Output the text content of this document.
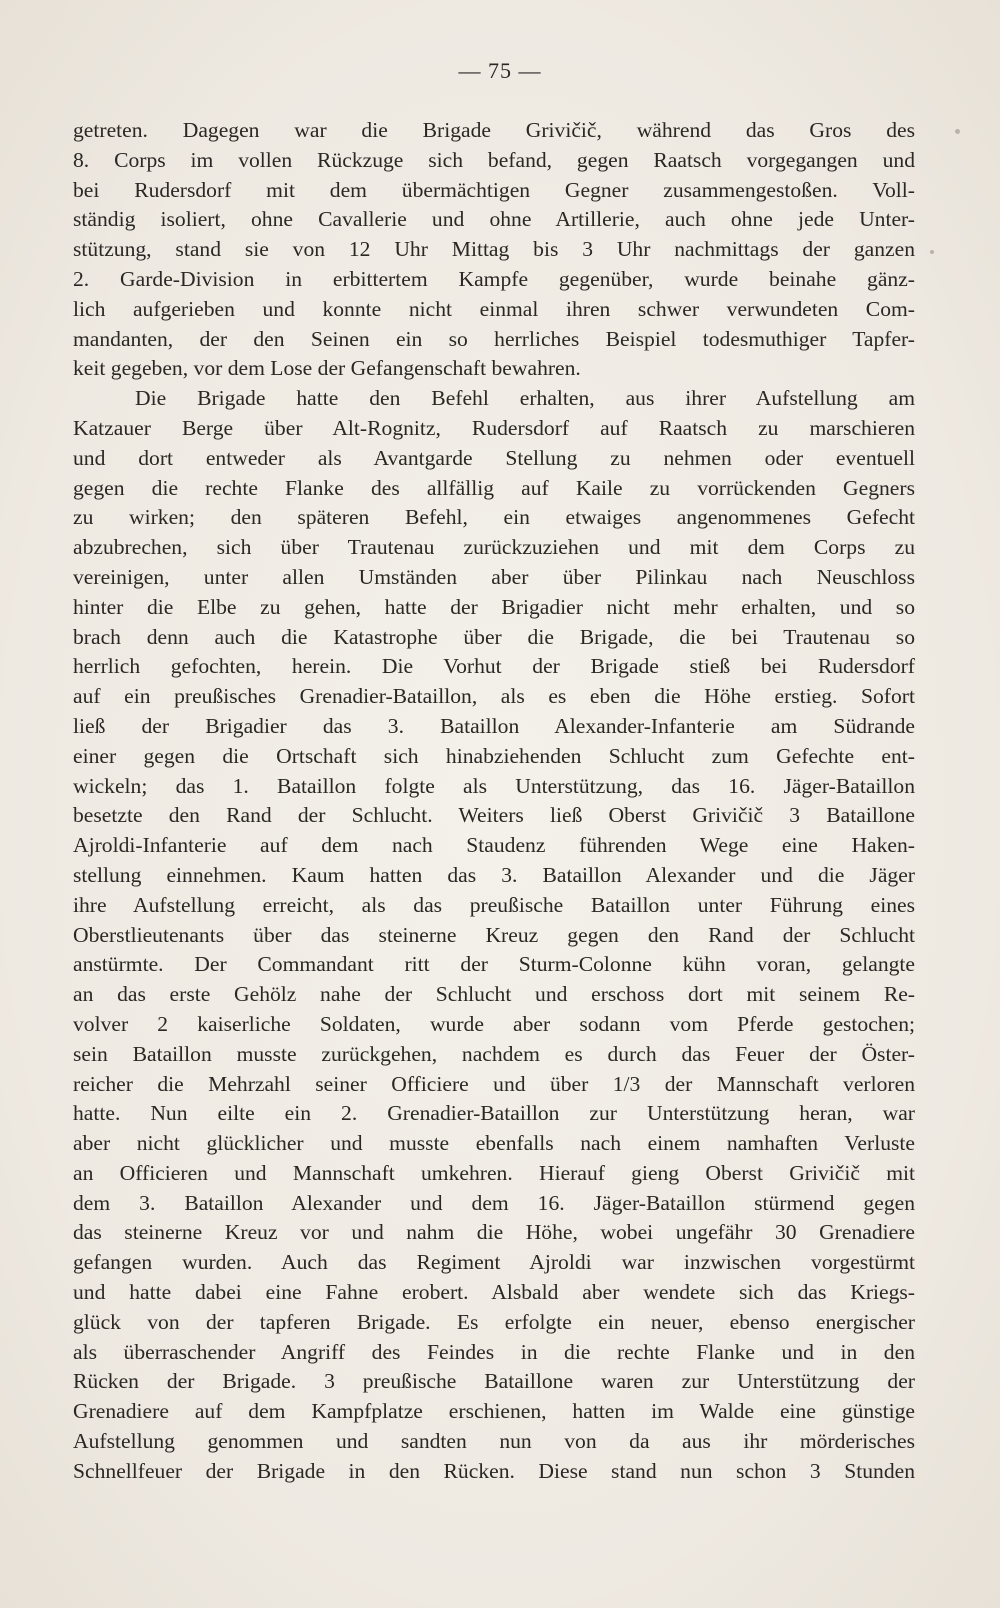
— 75 —
getreten. Dagegen war die Brigade Grivičič, während das Gros des
8. Corps im vollen Rückzuge sich befand, gegen Raatsch vorgegangen und
bei Rudersdorf mit dem übermächtigen Gegner zusammengestoßen. Voll-
ständig isoliert, ohne Cavallerie und ohne Artillerie, auch ohne jede Unter-
stützung, stand sie von 12 Uhr Mittag bis 3 Uhr nachmittags der ganzen
2. Garde-Division in erbittertem Kampfe gegenüber, wurde beinahe gänz-
lich aufgerieben und konnte nicht einmal ihren schwer verwundeten Com-
mandanten, der den Seinen ein so herrliches Beispiel todesmuthiger Tapfer-
keit gegeben, vor dem Lose der Gefangenschaft bewahren.
Die Brigade hatte den Befehl erhalten, aus ihrer Aufstellung am
Katzauer Berge über Alt-Rognitz, Rudersdorf auf Raatsch zu marschieren
und dort entweder als Avantgarde Stellung zu nehmen oder eventuell
gegen die rechte Flanke des allfällig auf Kaile zu vorrückenden Gegners
zu wirken; den späteren Befehl, ein etwaiges angenommenes Gefecht
abzubrechen, sich über Trautenau zurückzuziehen und mit dem Corps zu
vereinigen, unter allen Umständen aber über Pilinkau nach Neuschloss
hinter die Elbe zu gehen, hatte der Brigadier nicht mehr erhalten, und so
brach denn auch die Katastrophe über die Brigade, die bei Trautenau so
herrlich gefochten, herein. Die Vorhut der Brigade stieß bei Rudersdorf
auf ein preußisches Grenadier-Bataillon, als es eben die Höhe erstieg. Sofort
ließ der Brigadier das 3. Bataillon Alexander-Infanterie am Südrande
einer gegen die Ortschaft sich hinabziehenden Schlucht zum Gefechte ent-
wickeln; das 1. Bataillon folgte als Unterstützung, das 16. Jäger-Bataillon
besetzte den Rand der Schlucht. Weiters ließ Oberst Grivičič 3 Bataillone
Ajroldi-Infanterie auf dem nach Staudenz führenden Wege eine Haken-
stellung einnehmen. Kaum hatten das 3. Bataillon Alexander und die Jäger
ihre Aufstellung erreicht, als das preußische Bataillon unter Führung eines
Oberstlieutenants über das steinerne Kreuz gegen den Rand der Schlucht
anstürmte. Der Commandant ritt der Sturm-Colonne kühn voran, gelangte
an das erste Gehölz nahe der Schlucht und erschoss dort mit seinem Re-
volver 2 kaiserliche Soldaten, wurde aber sodann vom Pferde gestochen;
sein Bataillon musste zurückgehen, nachdem es durch das Feuer der Öster-
reicher die Mehrzahl seiner Officiere und über 1/3 der Mannschaft verloren
hatte. Nun eilte ein 2. Grenadier-Bataillon zur Unterstützung heran, war
aber nicht glücklicher und musste ebenfalls nach einem namhaften Verluste
an Officieren und Mannschaft umkehren. Hierauf gieng Oberst Grivičič mit
dem 3. Bataillon Alexander und dem 16. Jäger-Bataillon stürmend gegen
das steinerne Kreuz vor und nahm die Höhe, wobei ungefähr 30 Grenadiere
gefangen wurden. Auch das Regiment Ajroldi war inzwischen vorgestürmt
und hatte dabei eine Fahne erobert. Alsbald aber wendete sich das Kriegs-
glück von der tapferen Brigade. Es erfolgte ein neuer, ebenso energischer
als überraschender Angriff des Feindes in die rechte Flanke und in den
Rücken der Brigade. 3 preußische Bataillone waren zur Unterstützung der
Grenadiere auf dem Kampfplatze erschienen, hatten im Walde eine günstige
Aufstellung genommen und sandten nun von da aus ihr mörderisches
Schnellfeuer der Brigade in den Rücken. Diese stand nun schon 3 Stunden
